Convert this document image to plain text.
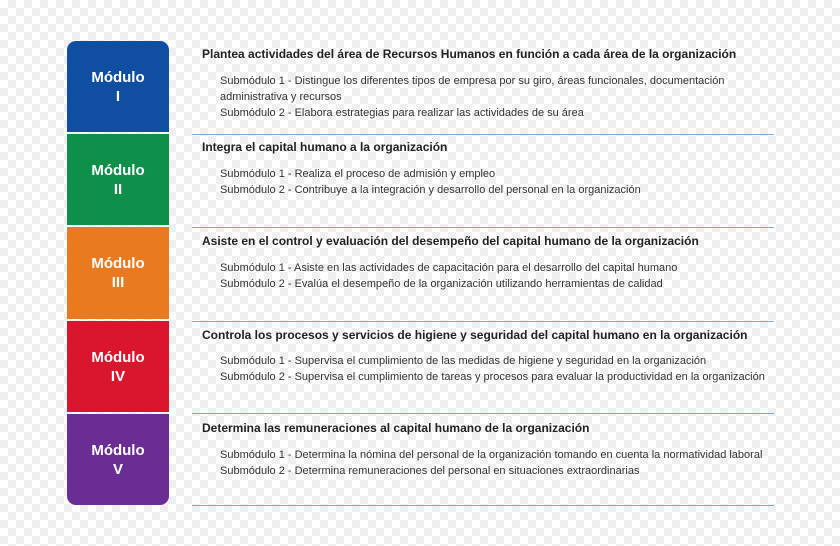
Módulo
I
Módulo
II
Módulo
III
Módulo
IV
Módulo
V
Plantea actividades del área de Recursos Humanos en función a cada área de la organización
Submódulo 1 - Distingue los diferentes tipos de empresa por su giro, áreas funcionales, documentación administrativa y recursos
Submódulo 2 - Elabora estrategias para realizar las actividades de su área
Integra el capital humano a la organización
Submódulo 1 - Realiza el proceso de admisión y empleo
Submódulo 2 - Contribuye a la integración y desarrollo del personal en la organización
Asiste en el control y evaluación del desempeño del capital humano de la organización
Submódulo 1 - Asiste en las actividades de capacitación para el desarrollo del capital humano
Submódulo 2 - Evalúa el desempeño de la organización utilizando herramientas de calidad
Controla los procesos y servicios de higiene y seguridad del capital humano en la organización
Submódulo 1 - Supervisa el cumplimiento de las medidas de higiene y seguridad en la organización
Submódulo 2 - Supervisa el cumplimiento de tareas y procesos para evaluar la productividad en la organización
Determina las remuneraciones al capital humano de la organización
Submódulo 1 - Determina la nómina del personal de la organización tomando en cuenta la normatividad laboral
Submódulo 2 - Determina remuneraciones del personal en situaciones extraordinarias
